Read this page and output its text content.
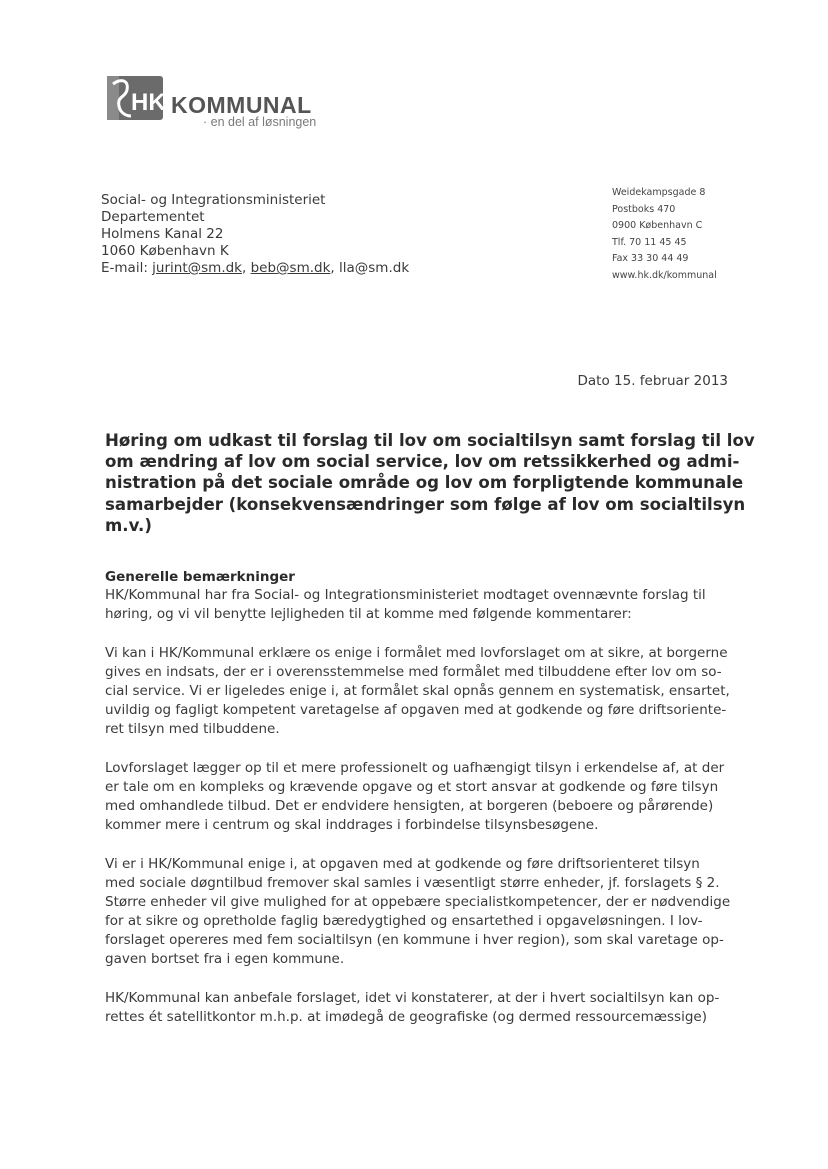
HK KOMMUNAL
· en del af løsningen
Social- og Integrationsministeriet
Departementet
Holmens Kanal 22
1060 København K
E-mail: jurint@sm.dk, beb@sm.dk, lla@sm.dk
Weidekampsgade 8
Postboks 470
0900 København C
Tlf. 70 11 45 45
Fax 33 30 44 49
www.hk.dk/kommunal
Dato 15. februar 2013
Høring om udkast til forslag til lov om socialtilsyn samt forslag til lov
om ændring af lov om social service, lov om retssikkerhed og admi-
nistration på det sociale område og lov om forpligtende kommunale
samarbejder (konsekvensændringer som følge af lov om socialtilsyn
m.v.)
Generelle bemærkninger
HK/Kommunal har fra Social- og Integrationsministeriet modtaget ovennævnte forslag til
høring, og vi vil benytte lejligheden til at komme med følgende kommentarer:
Vi kan i HK/Kommunal erklære os enige i formålet med lovforslaget om at sikre, at borgerne
gives en indsats, der er i overensstemmelse med formålet med tilbuddene efter lov om so-
cial service. Vi er ligeledes enige i, at formålet skal opnås gennem en systematisk, ensartet,
uvildig og fagligt kompetent varetagelse af opgaven med at godkende og føre driftsoriente-
ret tilsyn med tilbuddene.
Lovforslaget lægger op til et mere professionelt og uafhængigt tilsyn i erkendelse af, at der
er tale om en kompleks og krævende opgave og et stort ansvar at godkende og føre tilsyn
med omhandlede tilbud. Det er endvidere hensigten, at borgeren (beboere og pårørende)
kommer mere i centrum og skal inddrages i forbindelse tilsynsbesøgene.
Vi er i HK/Kommunal enige i, at opgaven med at godkende og føre driftsorienteret tilsyn
med sociale døgntilbud fremover skal samles i væsentligt større enheder, jf. forslagets § 2.
Større enheder vil give mulighed for at oppebære specialistkompetencer, der er nødvendige
for at sikre og opretholde faglig bæredygtighed og ensartethed i opgaveløsningen. I lov-
forslaget opereres med fem socialtilsyn (en kommune i hver region), som skal varetage op-
gaven bortset fra i egen kommune.
HK/Kommunal kan anbefale forslaget, idet vi konstaterer, at der i hvert socialtilsyn kan op-
rettes ét satellitkontor m.h.p. at imødegå de geografiske (og dermed ressourcemæssige)
